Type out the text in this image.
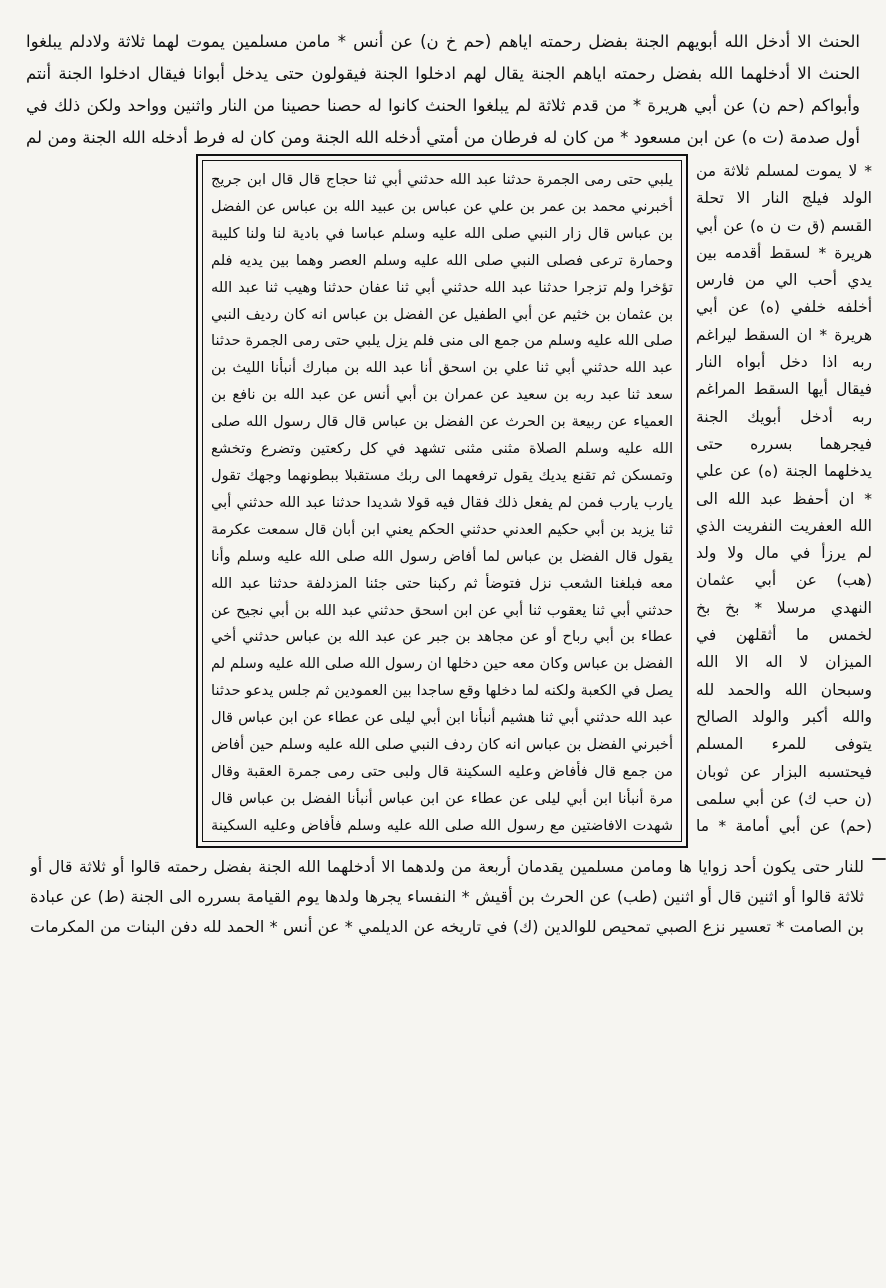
الحنث الا أدخل الله أبويهم الجنة بفضل رحمته اياهم (حم خ ن) عن أنس * مامن مسلمين يموت لهما ثلاثة ولادلم يبلغوا الحنث الا أدخلهما الله بفضل رحمته اياهم الجنة يقال لهم ادخلوا الجنة فيقولون حتى يدخل أبوانا فيقال ادخلوا الجنة أنتم وأبواكم (حم ن) عن أبي هريرة * من قدم ثلاثة لم يبلغوا الحنث كانوا له حصنا حصينا من النار واثنين وواحد ولكن ذلك في أول صدمة (ت ه) عن ابن مسعود * من كان له فرطان من أمتي أدخله الله الجنة ومن كان له فرط أدخله الله الجنة ومن لم

يلبي حتى رمى الجمرة حدثنا عبد الله حدثني أبي ثنا حجاج قال قال ابن جريج أخبرني محمد بن عمر بن علي عن عباس بن عبيد الله بن عباس عن الفضل بن عباس قال زار النبي صلى الله عليه وسلم عباسا في بادية لنا ولنا كليبة وحمارة ترعى فصلى النبي صلى الله عليه وسلم العصر وهما بين يديه فلم تؤخرا ولم تزجرا حدثنا عبد الله حدثني أبي ثنا عفان حدثنا وهيب ثنا عبد الله بن عثمان بن خثيم عن أبي الطفيل عن الفضل بن عباس انه كان رديف النبي صلى الله عليه وسلم من جمع الى منى فلم يزل يلبي حتى رمى الجمرة حدثنا عبد الله حدثني أبي ثنا علي بن اسحق أنا عبد الله بن مبارك أنبأنا الليث بن سعد ثنا عبد ربه بن سعيد عن عمران بن أبي أنس عن عبد الله بن نافع بن العمياء عن ربيعة بن الحرث عن الفضل بن عباس قال قال رسول الله صلى الله عليه وسلم الصلاة مثنى مثنى تشهد في كل ركعتين وتضرع وتخشع وتمسكن ثم تقنع يديك يقول ترفعهما الى ربك مستقبلا ببطونهما وجهك تقول يارب يارب فمن لم يفعل ذلك فقال فيه قولا شديدا حدثنا عبد الله حدثني أبي ثنا يزيد بن أبي حكيم العدني حدثني الحكم يعني ابن أبان قال سمعت عكرمة يقول قال الفضل بن عباس لما أفاض رسول الله صلى الله عليه وسلم وأنا معه فبلغنا الشعب نزل فتوضأ ثم ركبنا حتى جئنا المزدلفة حدثنا عبد الله حدثني أبي ثنا يعقوب ثنا أبي عن ابن اسحق حدثني عبد الله بن أبي نجيح عن عطاء بن أبي رباح أو عن مجاهد بن جبر عن عبد الله بن عباس حدثني أخي الفضل بن عباس وكان معه حين دخلها ان رسول الله صلى الله عليه وسلم لم يصل في الكعبة ولكنه لما دخلها وقع ساجدا بين العمودين ثم جلس يدعو حدثنا عبد الله حدثني أبي ثنا هشيم أنبأنا ابن أبي ليلى عن عطاء عن ابن عباس قال أخبرني الفضل بن عباس انه كان ردف النبي صلى الله عليه وسلم حين أفاض من جمع قال فأفاض وعليه السكينة قال ولبى حتى رمى جمرة العقبة وقال مرة أنبأنا ابن أبي ليلى عن عطاء عن ابن عباس أنبأنا الفضل بن عباس قال شهدت الافاضتين مع رسول الله صلى الله عليه وسلم فأفاض وعليه السكينة

* لا يموت لمسلم ثلاثة من الولد فيلج النار الا تحلة القسم (ق ت ن ه) عن أبي هريرة * لسقط أقدمه بين يدي أحب الي من فارس أخلفه خلفي (ه) عن أبي هريرة * ان السقط ليراغم ربه اذا دخل أبواه النار فيقال أيها السقط المراغم ربه أدخل أبويك الجنة فيجرهما بسرره حتى يدخلهما الجنة (ه) عن علي * ان أحفظ عبد الله الى الله العفريت النفريت الذي لم يرزأ في مال ولا ولد (هب) عن أبي عثمان النهدي مرسلا * بخ بخ لخمس ما أثقلهن في الميزان لا اله الا الله وسبحان الله والحمد لله والله أكبر والولد الصالح يتوفى للمرء المسلم فيحتسبه البزار عن ثوبان (ن حب ك) عن أبي سلمى (حم) عن أبي أمامة * ما
ــ
للنار حتى يكون أحد زوايا ها ومامن مسلمين يقدمان أربعة من ولدهما الا أدخلهما الله الجنة بفضل رحمته قالوا أو ثلاثة قال أو ثلاثة قالوا أو اثنين قال أو اثنين (طب) عن الحرث بن أقيش * النفساء يجرها ولدها يوم القيامة بسرره الى الجنة (ط) عن عبادة بن الصامت * تعسير نزع الصبي تمحيص للوالدين (ك) في تاريخه عن الديلمي * عن أنس * الحمد لله دفن البنات من المكرمات
